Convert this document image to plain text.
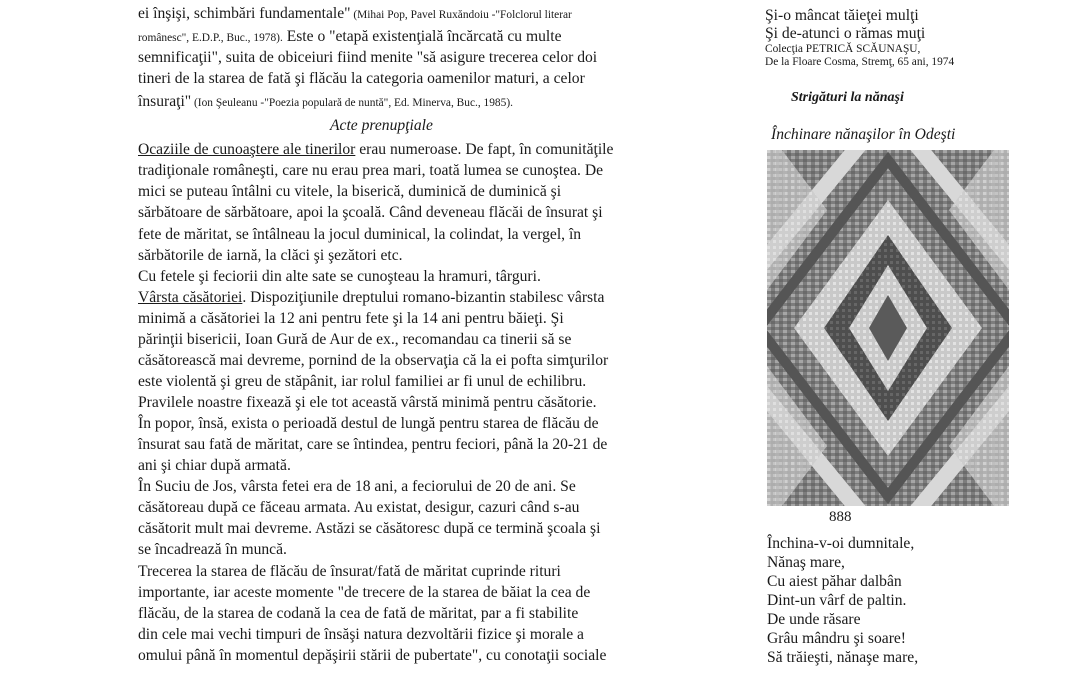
ei înşişi, schimbări fundamentale" (Mihai Pop, Pavel Ruxăndoiu -"Folclorul literar
românesc", E.D.P., Buc., 1978). Este o "etapă existenţială încărcată cu multe
semnificaţii", suita de obiceiuri fiind menite "să asigure trecerea celor doi
tineri de la starea de fată şi flăcău la categoria oamenilor maturi, a celor
însuraţi" (Ion Şeuleanu -"Poezia populară de nuntă", Ed. Minerva, Buc., 1985).
Acte prenupţiale
Ocaziile de cunoaştere ale tinerilor erau numeroase. De fapt, în comunităţile
tradiţionale româneşti, care nu erau prea mari, toată lumea se cunoştea. De
mici se puteau întâlni cu vitele, la biserică, duminică de duminică şi
sărbătoare de sărbătoare, apoi la şcoală. Când deveneau flăcăi de însurat şi
fete de măritat, se întâlneau la jocul duminical, la colindat, la vergel, în
sărbătorile de iarnă, la clăci şi şezători etc.
Cu fetele şi feciorii din alte sate se cunoşteau la hramuri, târguri.
Vârsta căsătoriei. Dispoziţiunile dreptului romano-bizantin stabilesc vârsta
minimă a căsătoriei la 12 ani pentru fete şi la 14 ani pentru băieţi. Şi
părinţii bisericii, Ioan Gură de Aur de ex., recomandau ca tinerii să se
căsătorească mai devreme, pornind de la observaţia că la ei pofta simţurilor
este violentă şi greu de stăpânit, iar rolul familiei ar fi unul de echilibru.
Pravilele noastre fixează şi ele tot această vârstă minimă pentru căsătorie.
În popor, însă, exista o perioadă destul de lungă pentru starea de flăcău de
însurat sau fată de măritat, care se întindea, pentru feciori, până la 20-21 de
ani şi chiar după armată.
În Suciu de Jos, vârsta fetei era de 18 ani, a feciorului de 20 de ani. Se
căsătoreau după ce făceau armata. Au existat, desigur, cazuri când s-au
căsătorit mult mai devreme. Astăzi se căsătoresc după ce termină şcoala şi
se încadrează în muncă.
Trecerea la starea de flăcău de însurat/fată de măritat cuprinde rituri
importante, iar aceste momente "de trecere de la starea de băiat la cea de
flăcău, de la starea de codană la cea de fată de măritat, par a fi stabilite
din cele mai vechi timpuri de însăşi natura dezvoltării fizice şi morale a
omului până în momentul depăşirii stării de pubertate", cu conotaţii sociale
Şi-o mâncat tăieţei mulţi
Şi de-atunci o rămas muţi
Colecţia PETRICĂ SCĂUNAŞU,
De la Floare Cosma, Stremţ, 65 ani, 1974
Strigături la nănaşi
Închinare nănaşilor în Odeşti
888
Închina-v-oi dumnitale,
Nănaş mare,
Cu aiest păhar dalbân
Dint-un vârf de paltin.
De unde răsare
Grâu mândru şi soare!
Să trăieşti, nănaşe mare,
